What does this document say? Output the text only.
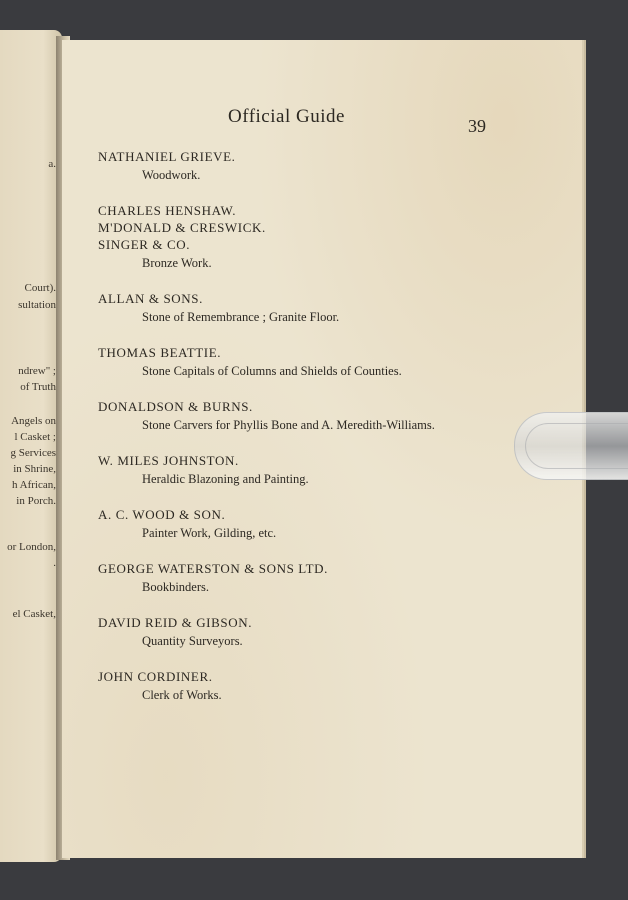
a.
Court).
sultation
ndrew" ;
of Truth
Angels on
l Casket ;
g Services
in Shrine,
h African,
in Porch.
or London,
.
el Casket,
Official Guide	39
NATHANIEL GRIEVE.
Woodwork.
CHARLES HENSHAW.
M'DONALD & CRESWICK.
SINGER & CO.
Bronze Work.
ALLAN & SONS.
Stone of Remembrance ; Granite Floor.
THOMAS BEATTIE.
Stone Capitals of Columns and Shields of Counties.
DONALDSON & BURNS.
Stone Carvers for Phyllis Bone and A. Meredith-Williams.
W. MILES JOHNSTON.
Heraldic Blazoning and Painting.
A. C. WOOD & SON.
Painter Work, Gilding, etc.
GEORGE WATERSTON & SONS LTD.
Bookbinders.
DAVID REID & GIBSON.
Quantity Surveyors.
JOHN CORDINER.
Clerk of Works.
